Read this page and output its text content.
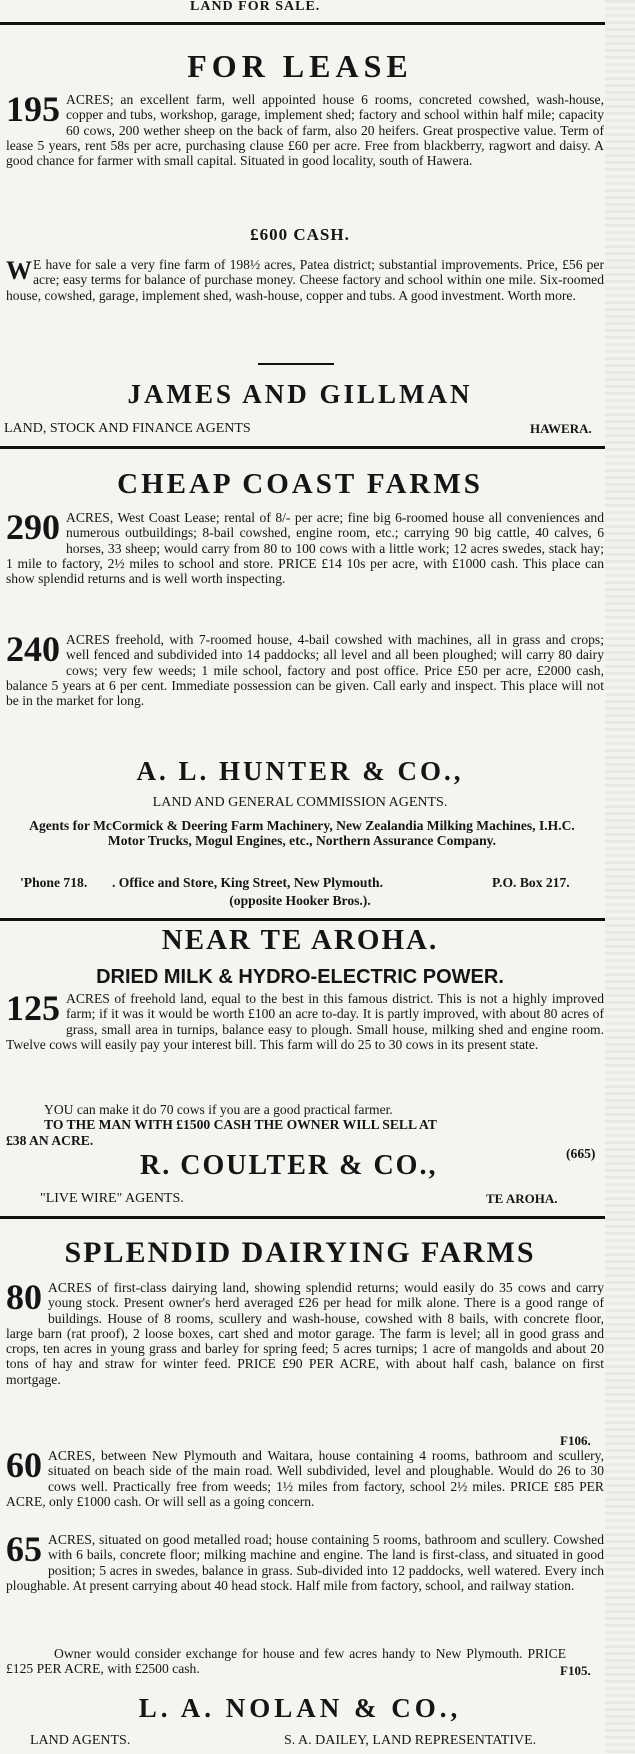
LAND FOR SALE.
FOR LEASE
195 ACRES; an excellent farm, well appointed house 6 rooms, concreted cowshed, wash-house, copper and tubs, workshop, garage, implement shed; factory and school within half mile; capacity 60 cows, 200 wether sheep on the back of farm, also 20 heifers. Great prospective value. Term of lease 5 years, rent 58s per acre, purchasing clause £60 per acre. Free from blackberry, ragwort and daisy. A good chance for farmer with small capital. Situated in good locality, south of Hawera.
£600 CASH.
W E have for sale a very fine farm of 198½ acres, Patea district; substantial improvements. Price, £56 per acre; easy terms for balance of purchase money. Cheese factory and school within one mile. Six-roomed house, cowshed, garage, implement shed, wash-house, copper and tubs. A good investment. Worth more.
JAMES AND GILLMAN
LAND, STOCK AND FINANCE AGENTS	HAWERA.
CHEAP COAST FARMS
290 ACRES, West Coast Lease; rental of 8/- per acre; fine big 6-roomed house all conveniences and numerous outbuildings; 8-bail cowshed, engine room, etc.; carrying 90 big cattle, 40 calves, 6 horses, 33 sheep; would carry from 80 to 100 cows with a little work; 12 acres swedes, stack hay; 1 mile to factory, 2½ miles to school and store. PRICE £14 10s per acre, with £1000 cash. This place can show splendid returns and is well worth inspecting.
240 ACRES freehold, with 7-roomed house, 4-bail cowshed with machines, all in grass and crops; well fenced and subdivided into 14 paddocks; all level and all been ploughed; will carry 80 dairy cows; very few weeds; 1 mile school, factory and post office. Price £50 per acre, £2000 cash, balance 5 years at 6 per cent. Immediate possession can be given. Call early and inspect. This place will not be in the market for long.
A. L. HUNTER & CO.,
LAND AND GENERAL COMMISSION AGENTS.
Agents for McCormick & Deering Farm Machinery, New Zealandia Milking Machines, I.H.C. Motor Trucks, Mogul Engines, etc., Northern Assurance Company.
'Phone 718. . Office and Store, King Street, New Plymouth.	P.O. Box 217.
(opposite Hooker Bros.).
NEAR TE AROHA.
DRIED MILK & HYDRO-ELECTRIC POWER.
125 ACRES of freehold land, equal to the best in this famous district. This is not a highly improved farm; if it was it would be worth £100 an acre to-day. It is partly improved, with about 80 acres of grass, small area in turnips, balance easy to plough. Small house, milking shed and engine room. Twelve cows will easily pay your interest bill. This farm will do 25 to 30 cows in its present state.
YOU can make it do 70 cows if you are a good practical farmer.
TO THE MAN WITH £1500 CASH THE OWNER WILL SELL AT
£38 AN ACRE.
(665)
R. COULTER & CO.,
"LIVE WIRE" AGENTS.	TE AROHA.
SPLENDID DAIRYING FARMS
80 ACRES of first-class dairying land, showing splendid returns; would easily do 35 cows and carry young stock. Present owner's herd averaged £26 per head for milk alone. There is a good range of buildings. House of 8 rooms, scullery and wash-house, cowshed with 8 bails, with concrete floor, large barn (rat proof), 2 loose boxes, cart shed and motor garage. The farm is level; all in good grass and crops, ten acres in young grass and barley for spring feed; 5 acres turnips; 1 acre of mangolds and about 20 tons of hay and straw for winter feed. PRICE £90 PER ACRE, with about half cash, balance on first mortgage.
F106.
60 ACRES, between New Plymouth and Waitara, house containing 4 rooms, bathroom and scullery, situated on beach side of the main road. Well subdivided, level and ploughable. Would do 26 to 30 cows well. Practically free from weeds; 1½ miles from factory, school 2½ miles. PRICE £85 PER ACRE, only £1000 cash. Or will sell as a going concern.
65 ACRES, situated on good metalled road; house containing 5 rooms, bathroom and scullery. Cowshed with 6 bails, concrete floor; milking machine and engine. The land is first-class, and situated in good position; 5 acres in swedes, balance in grass. Sub-divided into 12 paddocks, well watered. Every inch ploughable. At present carrying about 40 head stock. Half mile from factory, school, and railway station.
Owner would consider exchange for house and few acres handy to New Plymouth. PRICE £125 PER ACRE, with £2500 cash.	F105.
L. A. NOLAN & CO.,
LAND AGENTS.	S. A. DAILEY, LAND REPRESENTATIVE.
